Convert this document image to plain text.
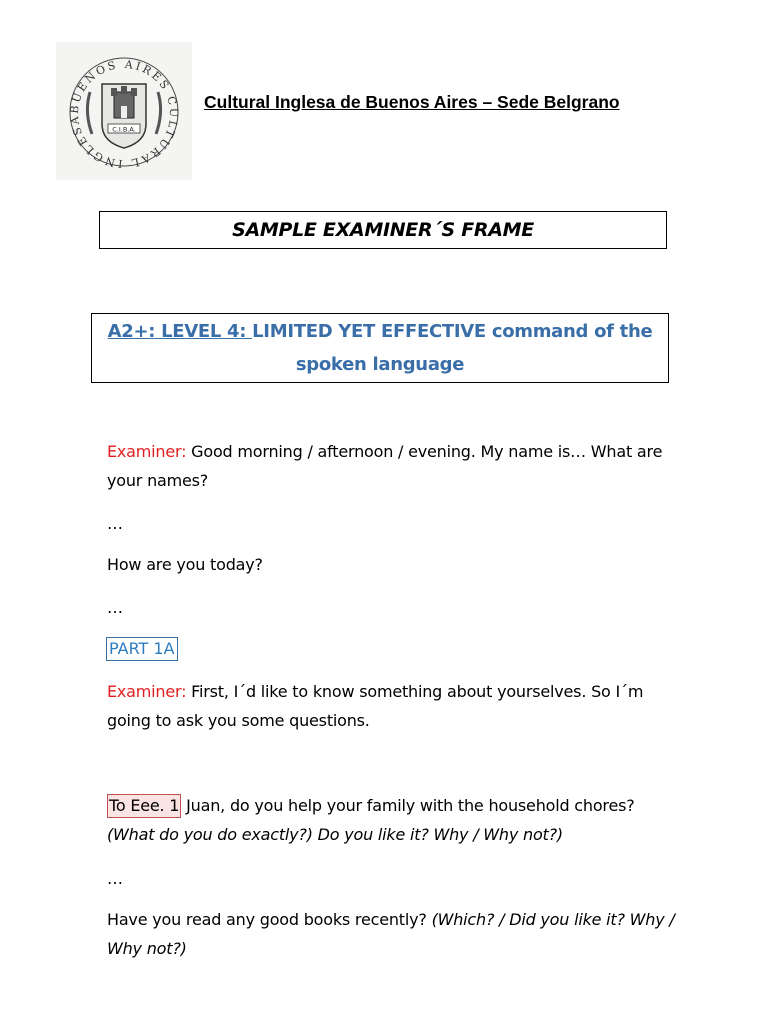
BUENOS AIRES CULTURAL INGLESA
C.I.B.A.
Cultural Inglesa de Buenos Aires – Sede Belgrano
SAMPLE EXAMINER´S FRAME
A2+: LEVEL 4: LIMITED YET EFFECTIVE command of the spoken language
Examiner: Good morning / afternoon / evening. My name is… What are your names?
…
How are you today?
…
PART 1A
Examiner: First, I´d like to know something about yourselves. So I´m going to ask you some questions.
To Eee. 1 Juan, do you help your family with the household chores?
(What do you do exactly?) Do you like it? Why / Why not?)
…
Have you read any good books recently? (Which? / Did you like it? Why / Why not?)
